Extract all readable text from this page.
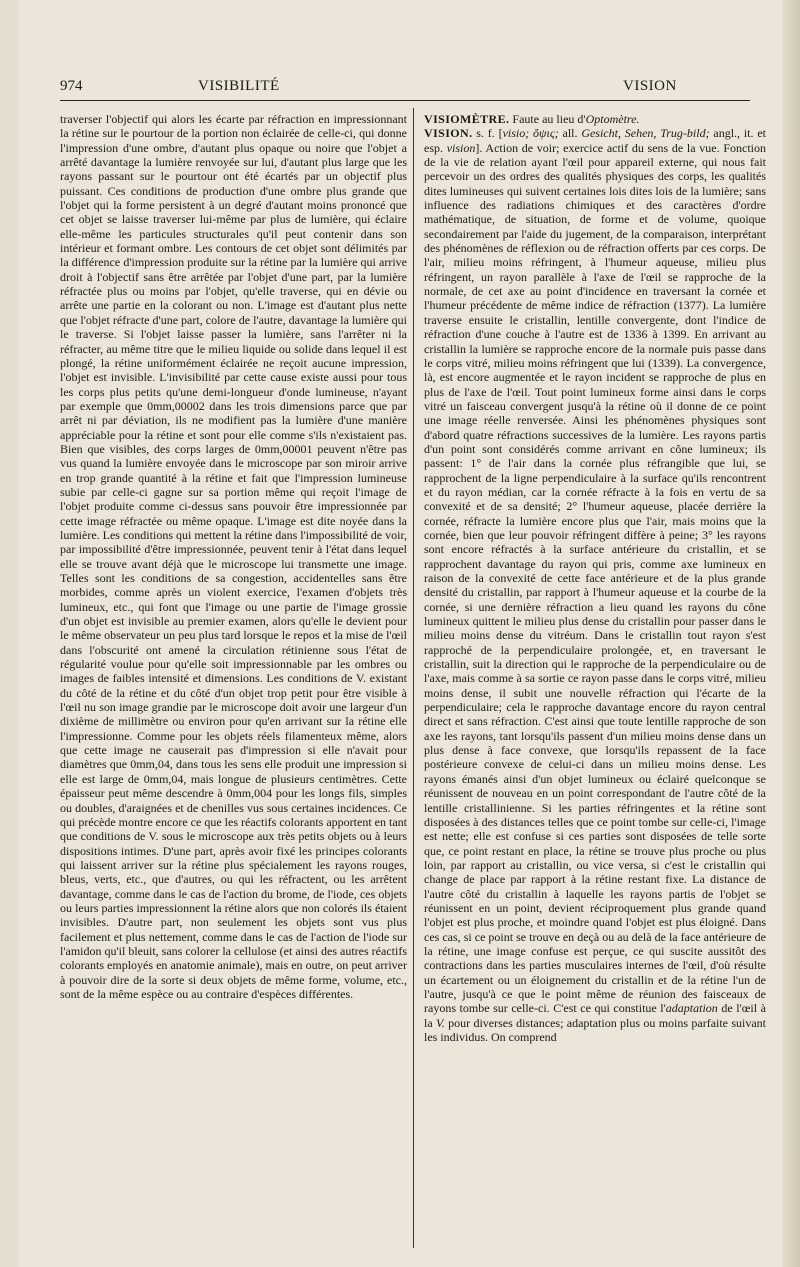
974	VISIBILITÉ	VISION

traverser l'objectif qui alors les écarte par réfraction en impressionnant la rétine sur le pourtour de la portion non éclairée de celle-ci, qui donne l'impression d'une ombre, d'autant plus opaque ou noire que l'objet a arrêté davantage la lumière renvoyée sur lui, d'autant plus large que les rayons passant sur le pourtour ont été écartés par un objectif plus puissant. Ces conditions de production d'une ombre plus grande que l'objet qui la forme persistent à un degré d'autant moins prononcé que cet objet se laisse traverser lui-même par plus de lumière, qui éclaire elle-même les particules structurales qu'il peut contenir dans son intérieur et formant ombre. Les contours de cet objet sont délimités par la différence d'impression produite sur la rétine par la lumière qui arrive droit à l'objectif sans être arrêtée par l'objet d'une part, par la lumière réfractée plus ou moins par l'objet, qu'elle traverse, qui en dévie ou arrête une partie en la colorant ou non. L'image est d'autant plus nette que l'objet réfracte d'une part, colore de l'autre, davantage la lumière qui le traverse. Si l'objet laisse passer la lumière, sans l'arrêter ni la réfracter, au même titre que le milieu liquide ou solide dans lequel il est plongé, la rétine uniformément éclairée ne reçoit aucune impression, l'objet est invisible. L'invisibilité par cette cause existe aussi pour tous les corps plus petits qu'une demi-longueur d'onde lumineuse, n'ayant par exemple que 0mm,00002 dans les trois dimensions parce que par arrêt ni par déviation, ils ne modifient pas la lumière d'une manière appréciable pour la rétine et sont pour elle comme s'ils n'existaient pas. Bien que visibles, des corps larges de 0mm,00001 peuvent n'être pas vus quand la lumière envoyée dans le microscope par son miroir arrive en trop grande quantité à la rétine et fait que l'impression lumineuse subie par celle-ci gagne sur sa portion même qui reçoit l'image de l'objet produite comme ci-dessus sans pouvoir être impressionnée par cette image réfractée ou même opaque. L'image est dite noyée dans la lumière. Les conditions qui mettent la rétine dans l'impossibilité de voir, par impossibilité d'être impressionnée, peuvent tenir à l'état dans lequel elle se trouve avant déjà que le microscope lui transmette une image. Telles sont les conditions de sa congestion, accidentelles sans être morbides, comme après un violent exercice, l'examen d'objets très lumineux, etc., qui font que l'image ou une partie de l'image grossie d'un objet est invisible au premier examen, alors qu'elle le devient pour le même observateur un peu plus tard lorsque le repos et la mise de l'œil dans l'obscurité ont amené la circulation rétinienne sous l'état de régularité voulue pour qu'elle soit impressionnable par les ombres ou images de faibles intensité et dimensions. Les conditions de V. existant du côté de la rétine et du côté d'un objet trop petit pour être visible à l'œil nu son image grandie par le microscope doit avoir une largeur d'un dixième de millimètre ou environ pour qu'en arrivant sur la rétine elle l'impressionne. Comme pour les objets réels filamenteux même, alors que cette image ne causerait pas d'impression si elle n'avait pour diamètres que 0mm,04, dans tous les sens elle produit une impression si elle est large de 0mm,04, mais longue de plusieurs centimètres. Cette épaisseur peut même descendre à 0mm,004 pour les longs fils, simples ou doubles, d'araignées et de chenilles vus sous certaines incidences. Ce qui précède montre encore ce que les réactifs colorants apportent en tant que conditions de V. sous le microscope aux très petits objets ou à leurs dispositions intimes. D'une part, après avoir fixé les principes colorants qui laissent arriver sur la rétine plus spécialement les rayons rouges, bleus, verts, etc., que d'autres, ou qui les réfractent, ou les arrêtent davantage, comme dans le cas de l'action du brome, de l'iode, ces objets ou leurs parties impressionnent la rétine alors que non colorés ils étaient invisibles. D'autre part, non seulement les objets sont vus plus facilement et plus nettement, comme dans le cas de l'action de l'iode sur l'amidon qu'il bleuit, sans colorer la cellulose (et ainsi des autres réactifs colorants employés en anatomie animale), mais en outre, on peut arriver à pouvoir dire de la sorte si deux objets de même forme, volume, etc., sont de la même espèce ou au contraire d'espèces différentes.

VISIOMÈTRE. Faute au lieu d'Optomètre.

VISION. s. f. [visio; ὄψις; all. Gesicht, Sehen, Trug-bild; angl., it. et esp. vision]. Action de voir; exercice actif du sens de la vue. Fonction de la vie de relation ayant l'œil pour appareil externe, qui nous fait percevoir un des ordres des qualités physiques des corps, les qualités dites lumineuses qui suivent certaines lois dites lois de la lumière; sans influence des radiations chimiques et des caractères d'ordre mathématique, de situation, de forme et de volume, quoique secondairement par l'aide du jugement, de la comparaison, interprétant des phénomènes de réflexion ou de réfraction offerts par ces corps. De l'air, milieu moins réfringent, à l'humeur aqueuse, milieu plus réfringent, un rayon parallèle à l'axe de l'œil se rapproche de la normale, de cet axe au point d'incidence en traversant la cornée et l'humeur précédente de même indice de réfraction (1377). La lumière traverse ensuite le cristallin, lentille convergente, dont l'indice de réfraction d'une couche à l'autre est de 1336 à 1399. En arrivant au cristallin la lumière se rapproche encore de la normale puis passe dans le corps vitré, milieu moins réfringent que lui (1339). La convergence, là, est encore augmentée et le rayon incident se rapproche de plus en plus de l'axe de l'œil. Tout point lumineux forme ainsi dans le corps vitré un faisceau convergent jusqu'à la rétine où il donne de ce point une image réelle renversée. Ainsi les phénomènes physiques sont d'abord quatre réfractions successives de la lumière. Les rayons partis d'un point sont considérés comme arrivant en cône lumineux; ils passent: 1° de l'air dans la cornée plus réfrangible que lui, se rapprochent de la ligne perpendiculaire à la surface qu'ils rencontrent et du rayon médian, car la cornée réfracte à la fois en vertu de sa convexité et de sa densité; 2° l'humeur aqueuse, placée derrière la cornée, réfracte la lumière encore plus que l'air, mais moins que la cornée, bien que leur pouvoir réfringent diffère à peine; 3° les rayons sont encore réfractés à la surface antérieure du cristallin, et se rapprochent davantage du rayon qui pris, comme axe lumineux en raison de la convexité de cette face antérieure et de la plus grande densité du cristallin, par rapport à l'humeur aqueuse et la courbe de la cornée, si une dernière réfraction a lieu quand les rayons du cône lumineux quittent le milieu plus dense du cristallin pour passer dans le milieu moins dense du vitréum. Dans le cristallin tout rayon s'est rapproché de la perpendiculaire prolongée, et, en traversant le cristallin, suit la direction qui le rapproche de la perpendiculaire ou de l'axe, mais comme à sa sortie ce rayon passe dans le corps vitré, milieu moins dense, il subit une nouvelle réfraction qui l'écarte de la perpendiculaire; cela le rapproche davantage encore du rayon central direct et sans réfraction. C'est ainsi que toute lentille rapproche de son axe les rayons, tant lorsqu'ils passent d'un milieu moins dense dans un plus dense à face convexe, que lorsqu'ils repassent de la face postérieure convexe de celui-ci dans un milieu moins dense. Les rayons émanés ainsi d'un objet lumineux ou éclairé quelconque se réunissent de nouveau en un point correspondant de l'autre côté de la lentille cristallinienne. Si les parties réfringentes et la rétine sont disposées à des distances telles que ce point tombe sur celle-ci, l'image est nette; elle est confuse si ces parties sont disposées de telle sorte que, ce point restant en place, la rétine se trouve plus proche ou plus loin, par rapport au cristallin, ou vice versa, si c'est le cristallin qui change de place par rapport à la rétine restant fixe. La distance de l'autre côté du cristallin à laquelle les rayons partis de l'objet se réunissent en un point, devient réciproquement plus grande quand l'objet est plus proche, et moindre quand l'objet est plus éloigné. Dans ces cas, si ce point se trouve en deçà ou au delà de la face antérieure de la rétine, une image confuse est perçue, ce qui suscite aussitôt des contractions dans les parties musculaires internes de l'œil, d'où résulte un écartement ou un éloignement du cristallin et de la rétine l'un de l'autre, jusqu'à ce que le point même de réunion des faisceaux de rayons tombe sur celle-ci. C'est ce qui constitue l'adaptation de l'œil à la V. pour diverses distances; adaptation plus ou moins parfaite suivant les individus. On comprend
